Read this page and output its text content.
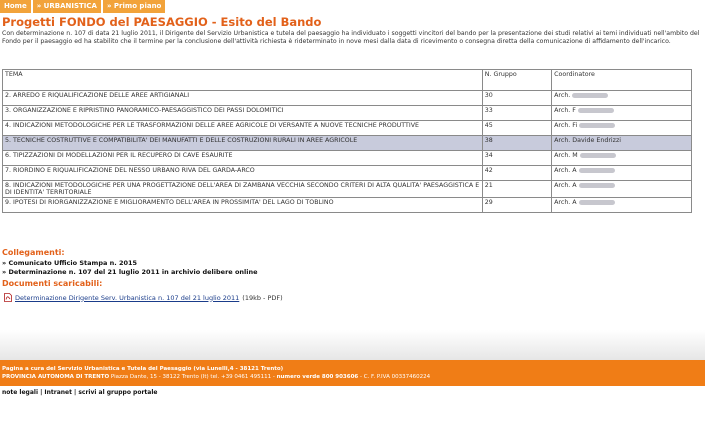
Home	» URBANISTICA	» Primo piano
Progetti FONDO del PAESAGGIO - Esito del Bando
Con determinazione n. 107 di data 21 luglio 2011, il Dirigente del Servizio Urbanistica e tutela del paesaggio ha individuato i soggetti vincitori del bando per la presentazione dei studi relativi ai temi individuati nell'ambito del Fondo per il paesaggio ed ha stabilito che il termine per la conclusione dell'attività richiesta è rideterminato in nove mesi dalla data di ricevimento o consegna diretta della comunicazione di affidamento dell'incarico.
TEMA	N. Gruppo	Coordinatore
2. ARREDO E RIQUALIFICAZIONE DELLE AREE ARTIGIANALI	30	Arch.
3. ORGANIZZAZIONE E RIPRISTINO PANORAMICO-PAESAGGISTICO DEI PASSI DOLOMITICI	33	Arch. F
4. INDICAZIONI METODOLOGICHE PER LE TRASFORMAZIONI DELLE AREE AGRICOLE DI VERSANTE A NUOVE TECNICHE PRODUTTIVE	45	Arch. Fi
5. TECNICHE COSTRUTTIVE E COMPATIBILITA' DEI MANUFATTI E DELLE COSTRUZIONI RURALI IN AREE AGRICOLE	38	Arch. Davide Endrizzi
6. TIPIZZAZIONI DI MODELLAZIONI PER IL RECUPERO DI CAVE ESAURITE	34	Arch. M
7. RIORDINO E RIQUALIFICAZIONE DEL NESSO URBANO RIVA DEL GARDA-ARCO	42	Arch. A
8. INDICAZIONI METODOLOGICHE PER UNA PROGETTAZIONE DELL'AREA DI ZAMBANA VECCHIA SECONDO CRITERI DI ALTA QUALITA' PAESAGGISTICA E DI IDENTITA' TERRITORIALE	21	Arch. A
9. IPOTESI DI RIORGANIZZAZIONE E MIGLIORAMENTO DELL'AREA IN PROSSIMITA' DEL LAGO DI TOBLINO	29	Arch. A
Collegamenti:
» Comunicato Ufficio Stampa n. 2015
» Determinazione n. 107 del 21 luglio 2011 in archivio delibere online
Documenti scaricabili:
Determinazione Dirigente Serv. Urbanistica n. 107 del 21 luglio 2011 (19kb - PDF)
Pagina a cura del Servizio Urbanistica e Tutela del Paesaggio (via Lunelli,4 - 38121 Trento)
PROVINCIA AUTONOMA DI TRENTO Piazza Dante, 15 - 38122 Trento (It) tel. +39 0461 495111 - numero verde 800 903606 - C. F. P.IVA 00337460224
note legali | Intranet | scrivi al gruppo portale
